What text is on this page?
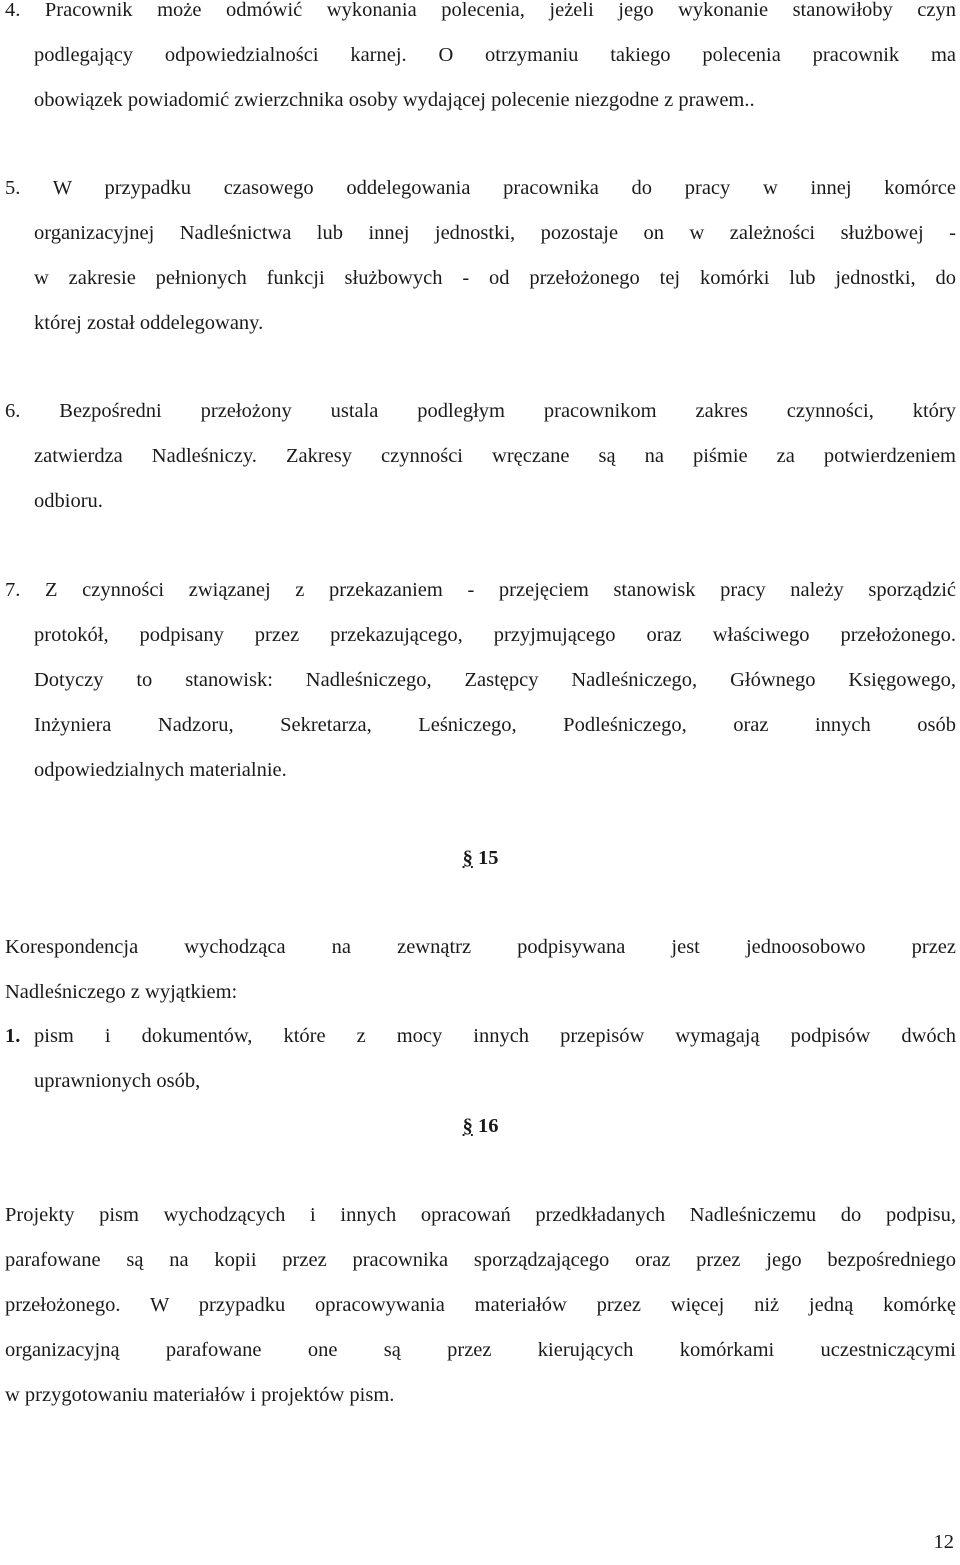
4. Pracownik może odmówić wykonania polecenia, jeżeli jego wykonanie stanowiłoby czyn
podlegający odpowiedzialności karnej. O otrzymaniu takiego polecenia pracownik ma
obowiązek powiadomić zwierzchnika osoby wydającej polecenie niezgodne z prawem..
5. W przypadku czasowego oddelegowania pracownika do pracy w innej komórce
organizacyjnej Nadleśnictwa lub innej jednostki, pozostaje on w zależności służbowej -
w zakresie pełnionych funkcji służbowych - od przełożonego tej komórki lub jednostki, do
której został oddelegowany.
6. Bezpośredni przełożony ustala podległym pracownikom zakres czynności, który
zatwierdza Nadleśniczy. Zakresy czynności wręczane są na piśmie za potwierdzeniem
odbioru.
7. Z czynności związanej z przekazaniem - przejęciem stanowisk pracy należy sporządzić
protokół, podpisany przez przekazującego, przyjmującego oraz właściwego przełożonego.
Dotyczy to stanowisk: Nadleśniczego, Zastępcy Nadleśniczego, Głównego Księgowego,
Inżyniera Nadzoru, Sekretarza, Leśniczego, Podleśniczego, oraz innych osób
odpowiedzialnych materialnie.
§ 15
Korespondencja wychodząca na zewnątrz podpisywana jest jednoosobowo przez
Nadleśniczego z wyjątkiem:
1. pism i dokumentów, które z mocy innych przepisów wymagają podpisów dwóch
uprawnionych osób,
§ 16
Projekty pism wychodzących i innych opracowań przedkładanych Nadleśniczemu do podpisu,
parafowane są na kopii przez pracownika sporządzającego oraz przez jego bezpośredniego
przełożonego. W przypadku opracowywania materiałów przez więcej niż jedną komórkę
organizacyjną parafowane one są przez kierujących komórkami uczestniczącymi
w przygotowaniu materiałów i projektów pism.
12
